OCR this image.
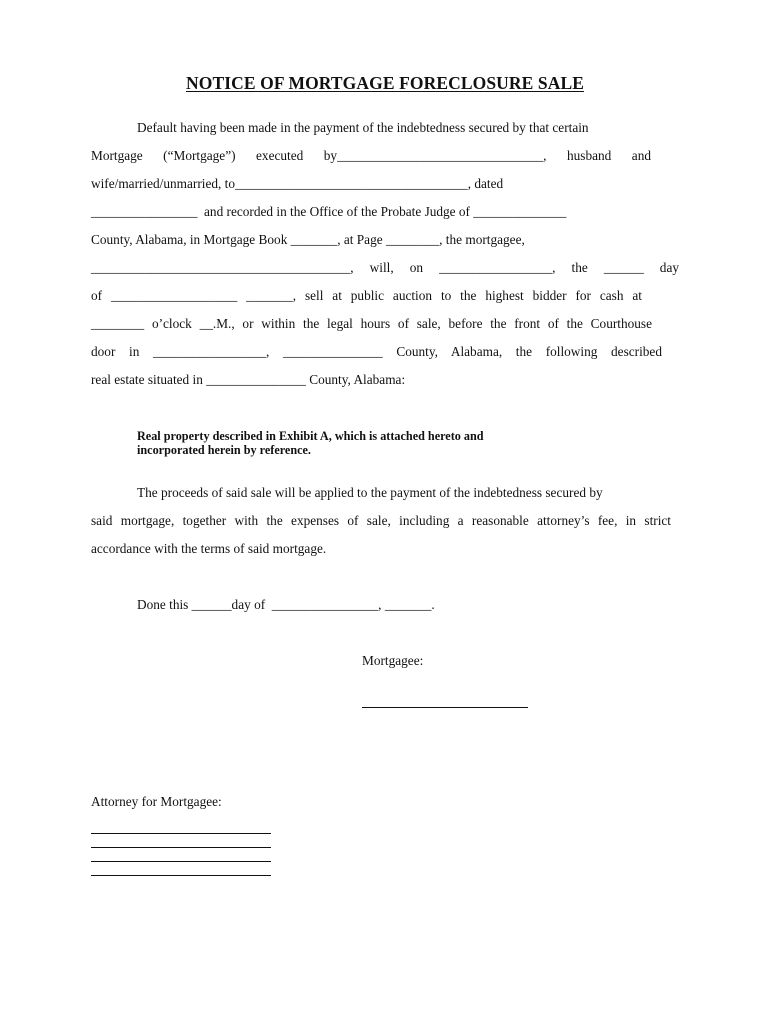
NOTICE OF MORTGAGE FORECLOSURE SALE
Default having been made in the payment of the indebtedness secured by that certain
Mortgage (“Mortgage”) executed by_______________________________, husband and
wife/married/unmarried, to___________________________________, dated
________________  and recorded in the Office of the Probate Judge of ______________
County, Alabama, in Mortgage Book _______, at Page ________, the mortgagee,
_______________________________________, will, on _________________, the ______ day
of ___________________ _______, sell at public auction to the highest bidder for cash at
________ o’clock __.M., or within the legal hours of sale, before the front of the Courthouse
door in _________________, _______________ County, Alabama, the following described
real estate situated in _______________ County, Alabama:
Real property described in Exhibit A, which is attached hereto and
incorporated herein by reference.
The proceeds of said sale will be applied to the payment of the indebtedness secured by
said mortgage, together with the expenses of sale, including a reasonable attorney’s fee, in strict
accordance with the terms of said mortgage.
Done this ______day of  ________________, _______.
Mortgagee:
Attorney for Mortgagee:
